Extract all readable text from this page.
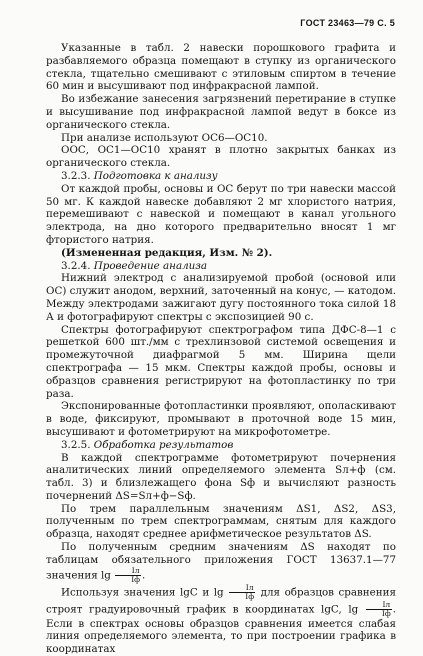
ГОСТ 23463—79 С. 5

Указанные в табл. 2 навески порошкового графита и разбавляемого образца помещают в ступку из органического стекла, тщательно смешивают с этиловым спиртом в течение 60 мин и высушивают под инфракрасной лампой.

Во избежание занесения загрязнений перетирание в ступке и высушивание под инфракрасной лампой ведут в боксе из органического стекла.

При анализе используют ОС6—ОС10.

ООС, ОС1—ОС10 хранят в плотно закрытых банках из органического стекла.

3.2.3. Подготовка к анализу

От каждой пробы, основы и ОС берут по три навески массой 50 мг. К каждой навеске добавляют 2 мг хлористого натрия, перемешивают с навеской и помещают в канал угольного электрода, на дно которого предварительно вносят 1 мг фтористого натрия.

(Измененная редакция, Изм. № 2).

3.2.4. Проведение анализа

Нижний электрод с анализируемой пробой (основой или ОС) служит анодом, верхний, заточенный на конус, — катодом. Между электродами зажигают дугу постоянного тока силой 18 А и фотографируют спектры с экспозицией 90 с.

Спектры фотографируют спектрографом типа ДФС-8—1 с решеткой 600 шт./мм с трехлинзовой системой освещения и промежуточной диафрагмой 5 мм. Ширина щели спектрографа — 15 мкм. Спектры каждой пробы, основы и образцов сравнения регистрируют на фотопластинку по три раза.

Экспонированные фотопластинки проявляют, ополаскивают в воде, фиксируют, промывают в проточной воде 15 мин, высушивают и фотометрируют на микрофотометре.

3.2.5. Обработка результатов

В каждой спектрограмме фотометрируют почернения аналитических линий определяемого элемента Sл+ф (см. табл. 3) и близлежащего фона Sф и вычисляют разность почернений ΔS=Sл+ф−Sф.

По трем параллельным значениям ΔS1, ΔS2, ΔS3, полученным по трем спектрограммам, снятым для каждого образца, находят среднее арифметическое результатов ΔS.

По полученным средним значениям ΔS находят по таблицам обязательного приложения ГОСТ 13637.1—77 значения $\lg \frac{Iл}{Iф}$ .

Используя значения lgC и $\lg \frac{Iл}{Iф}$ для образцов сравнения строят градуировочный график в координатах lgC, $\lg \frac{Iл}{Iф}$ . Если в спектрах основы образцов сравнения имеется слабая линия определяемого элемента, то при построении графика в координатах
